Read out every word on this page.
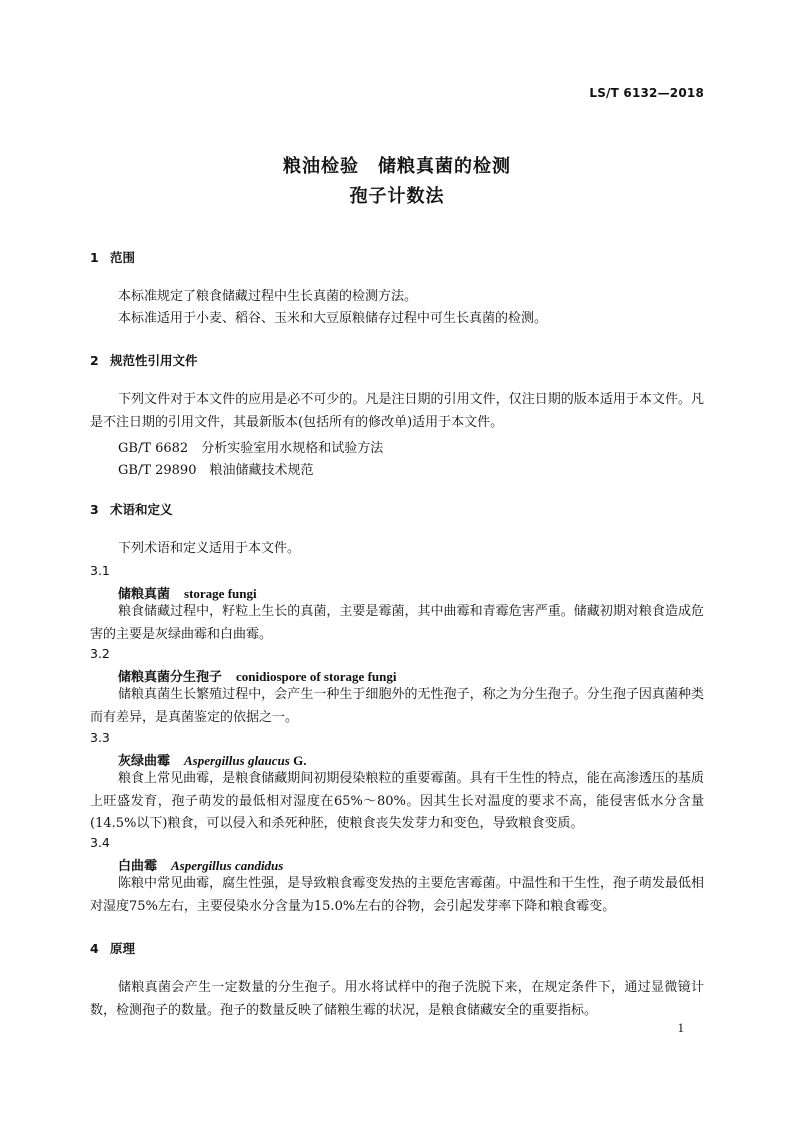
LS/T 6132—2018
粮油检验　储粮真菌的检测
孢子计数法
1 范围
本标准规定了粮食储藏过程中生长真菌的检测方法。
本标准适用于小麦、稻谷、玉米和大豆原粮储存过程中可生长真菌的检测。
2 规范性引用文件
下列文件对于本文件的应用是必不可少的。凡是注日期的引用文件，仅注日期的版本适用于本文件。凡是不注日期的引用文件，其最新版本(包括所有的修改单)适用于本文件。
GB/T 6682　分析实验室用水规格和试验方法
GB/T 29890　粮油储藏技术规范
3 术语和定义
下列术语和定义适用于本文件。
3.1
储粮真菌 storage fungi
粮食储藏过程中，籽粒上生长的真菌，主要是霉菌，其中曲霉和青霉危害严重。储藏初期对粮食造成危害的主要是灰绿曲霉和白曲霉。
3.2
储粮真菌分生孢子 conidiospore of storage fungi
储粮真菌生长繁殖过程中，会产生一种生于细胞外的无性孢子，称之为分生孢子。分生孢子因真菌种类而有差异，是真菌鉴定的依据之一。
3.3
灰绿曲霉 Aspergillus glaucus G.
粮食上常见曲霉，是粮食储藏期间初期侵染粮粒的重要霉菌。具有干生性的特点，能在高渗透压的基质上旺盛发育，孢子萌发的最低相对湿度在65%～80%。因其生长对温度的要求不高，能侵害低水分含量(14.5%以下)粮食，可以侵入和杀死种胚，使粮食丧失发芽力和变色，导致粮食变质。
3.4
白曲霉 Aspergillus candidus
陈粮中常见曲霉，腐生性强，是导致粮食霉变发热的主要危害霉菌。中温性和干生性，孢子萌发最低相对湿度75%左右，主要侵染水分含量为15.0%左右的谷物，会引起发芽率下降和粮食霉变。
4 原理
储粮真菌会产生一定数量的分生孢子。用水将试样中的孢子洗脱下来，在规定条件下，通过显微镜计数，检测孢子的数量。孢子的数量反映了储粮生霉的状况，是粮食储藏安全的重要指标。
1
